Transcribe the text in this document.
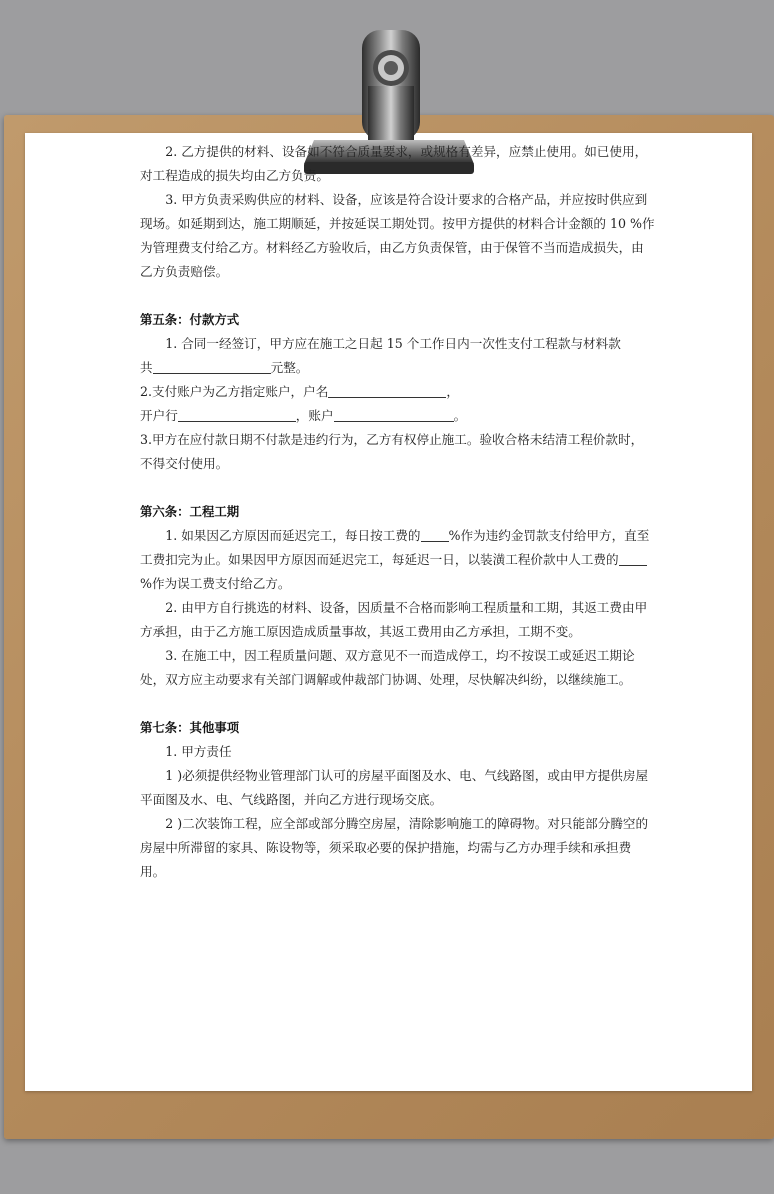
2. 乙方提供的材料、设备如不符合质量要求，或规格有差异，应禁止使用。如已使用，对工程造成的损失均由乙方负责。

3. 甲方负责采购供应的材料、设备，应该是符合设计要求的合格产品，并应按时供应到现场。如延期到达，施工期顺延，并按延误工期处罚。按甲方提供的材料合计金额的 10 %作为管理费支付给乙方。材料经乙方验收后，由乙方负责保管，由于保管不当而造成损失，由乙方负责赔偿。

第五条：付款方式

1. 合同一经签订，甲方应在施工之日起 15 个工作日内一次性支付工程款与材料款

共	元整。

2.支付账户为乙方指定账户，户名	，

开户行	，账户	。

3.甲方在应付款日期不付款是违约行为，乙方有权停止施工。验收合格未结清工程价款时，不得交付使用。

第六条：工程工期

1. 如果因乙方原因而延迟完工，每日按工费的 %作为违约金罚款支付给甲方，直至工费扣完为止。如果因甲方原因而延迟完工，每延迟一日，以装潢工程价款中人工费的%作为误工费支付给乙方。

2. 由甲方自行挑选的材料、设备，因质量不合格而影响工程质量和工期，其返工费由甲方承担，由于乙方施工原因造成质量事故，其返工费用由乙方承担，工期不变。

3. 在施工中，因工程质量问题、双方意见不一而造成停工，均不按误工或延迟工期论处，双方应主动要求有关部门调解或仲裁部门协调、处理，尽快解决纠纷，以继续施工。

第七条：其他事项

1. 甲方责任

1 )必须提供经物业管理部门认可的房屋平面图及水、电、气线路图，或由甲方提供房屋平面图及水、电、气线路图，并向乙方进行现场交底。

2 )二次装饰工程，应全部或部分腾空房屋，清除影响施工的障碍物。对只能部分腾空的房屋中所滞留的家具、陈设物等，须采取必要的保护措施，均需与乙方办理手续和承担费用。
